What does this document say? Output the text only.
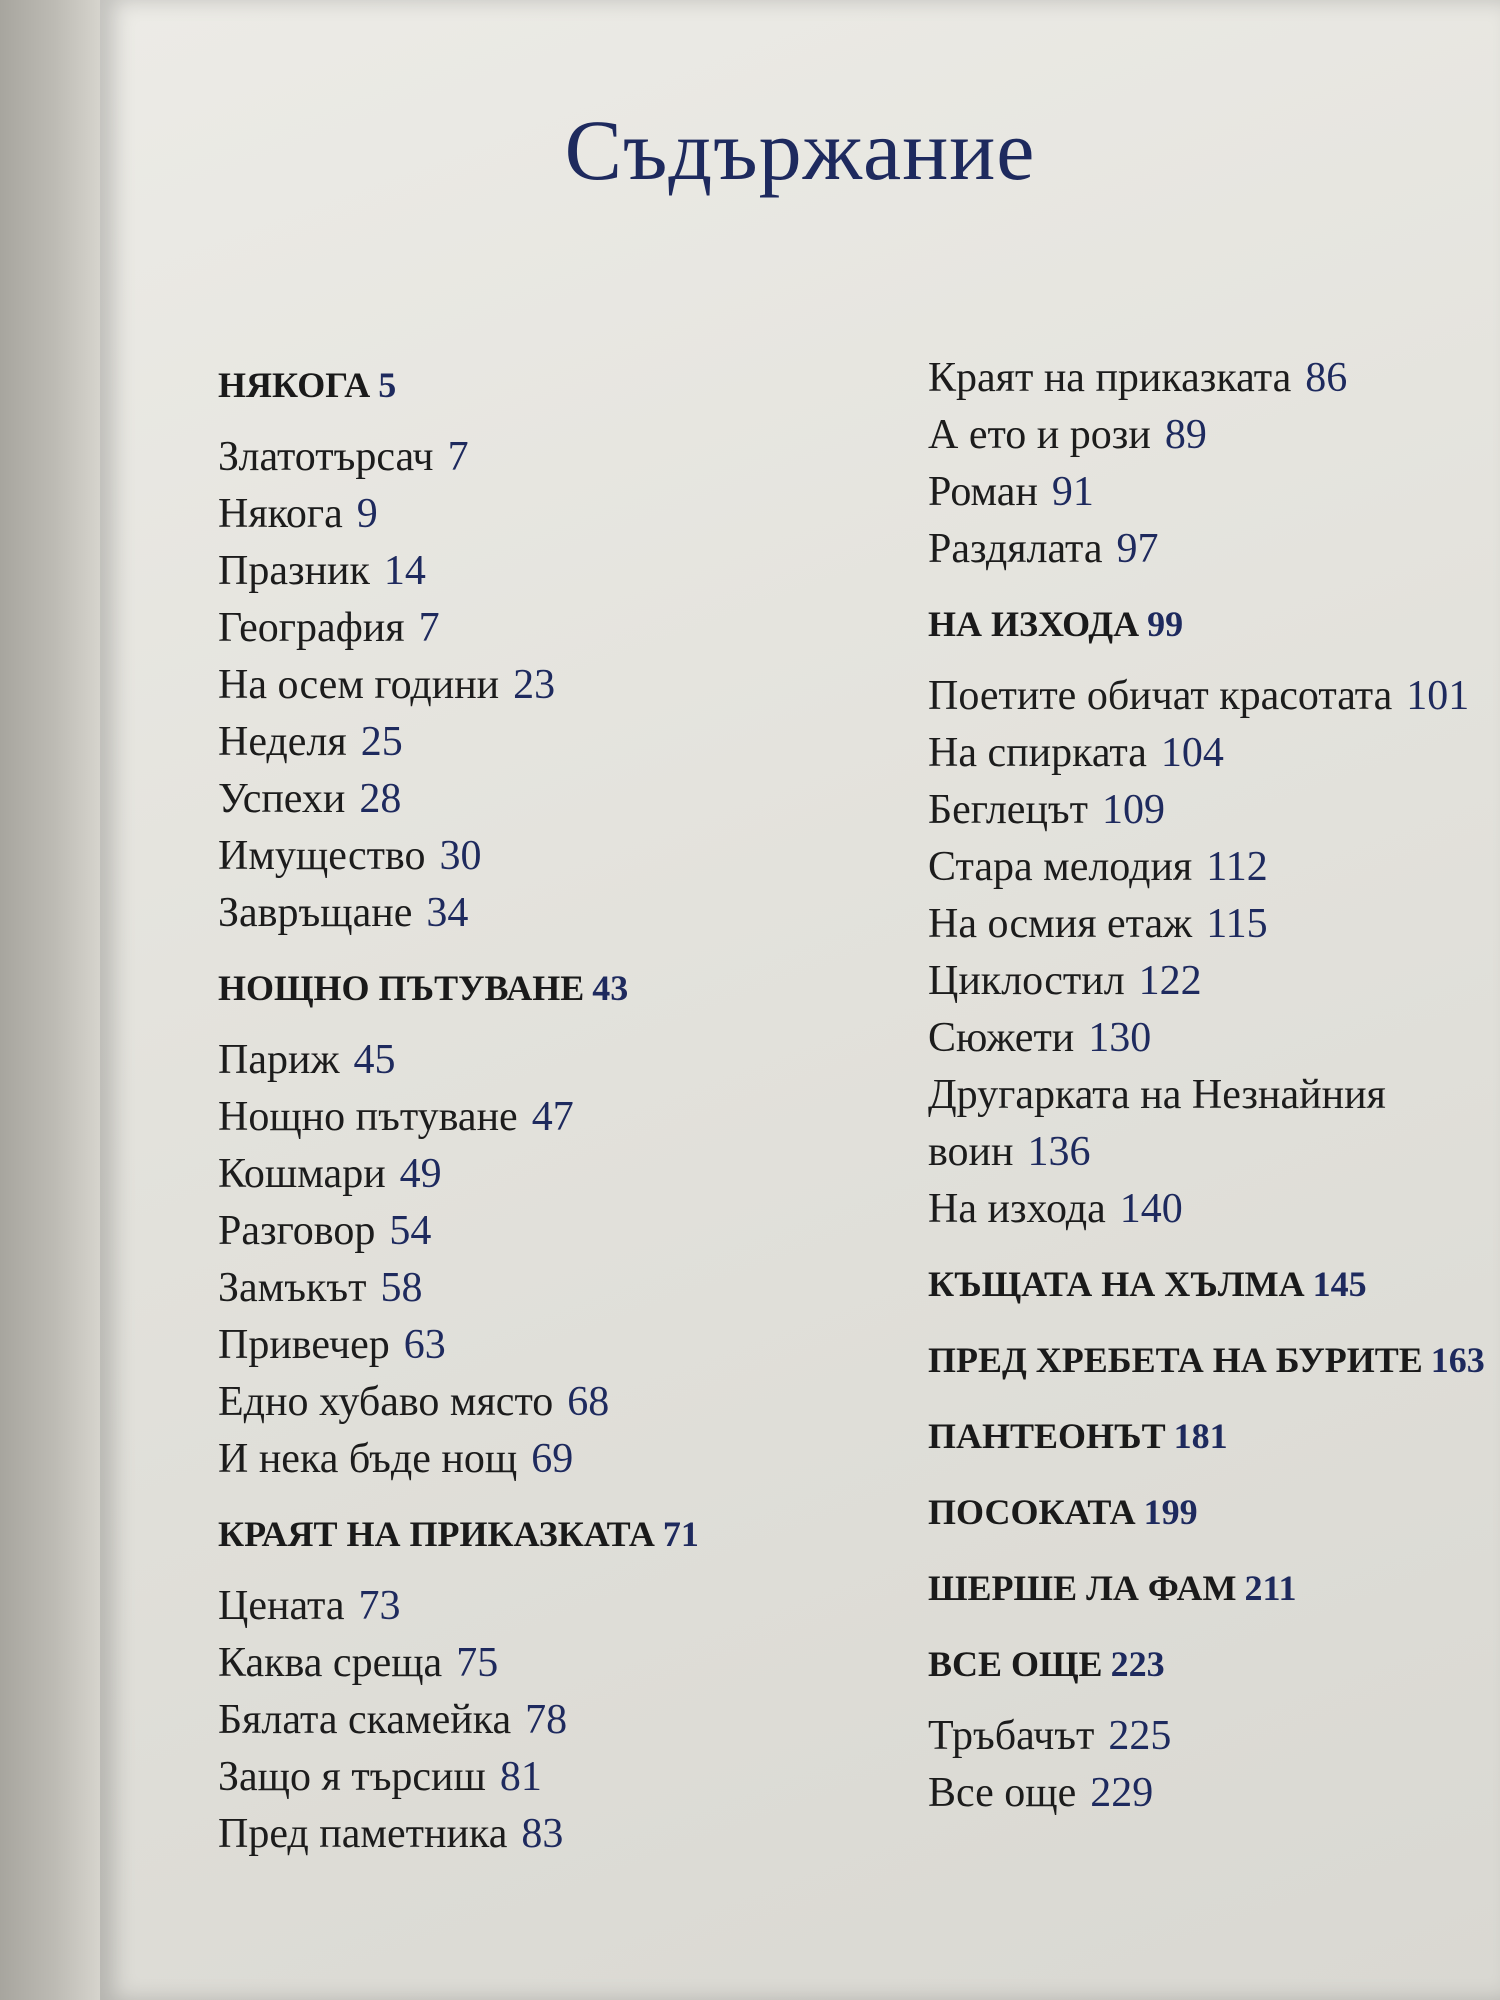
Съдържание
НЯКОГА 5
Златотърсач 7
Някога 9
Празник 14
География 7
На осем години 23
Неделя 25
Успехи 28
Имущество 30
Завръщане 34
НОЩНО ПЪТУВАНЕ 43
Париж 45
Нощно пътуване 47
Кошмари 49
Разговор 54
Замъкът 58
Привечер 63
Едно хубаво място 68
И нека бъде нощ 69
КРАЯТ НА ПРИКАЗКАТА 71
Цената 73
Каква среща 75
Бялата скамейка 78
Защо я търсиш 81
Пред паметника 83
Краят на приказката 86
А ето и рози 89
Роман 91
Раздялата 97
НА ИЗХОДА 99
Поетите обичат красотата 101
На спирката 104
Беглецът 109
Стара мелодия 112
На осмия етаж 115
Циклостил 122
Сюжети 130
Другарката на Незнайния воин 136
На изхода 140
КЪЩАТА НА ХЪЛМА 145
ПРЕД ХРЕБЕТА НА БУРИТЕ 163
ПАНТЕОНЪТ 181
ПОСОКАТА 199
ШЕРШЕ ЛА ФАМ 211
ВСЕ ОЩЕ 223
Тръбачът 225
Все още 229
